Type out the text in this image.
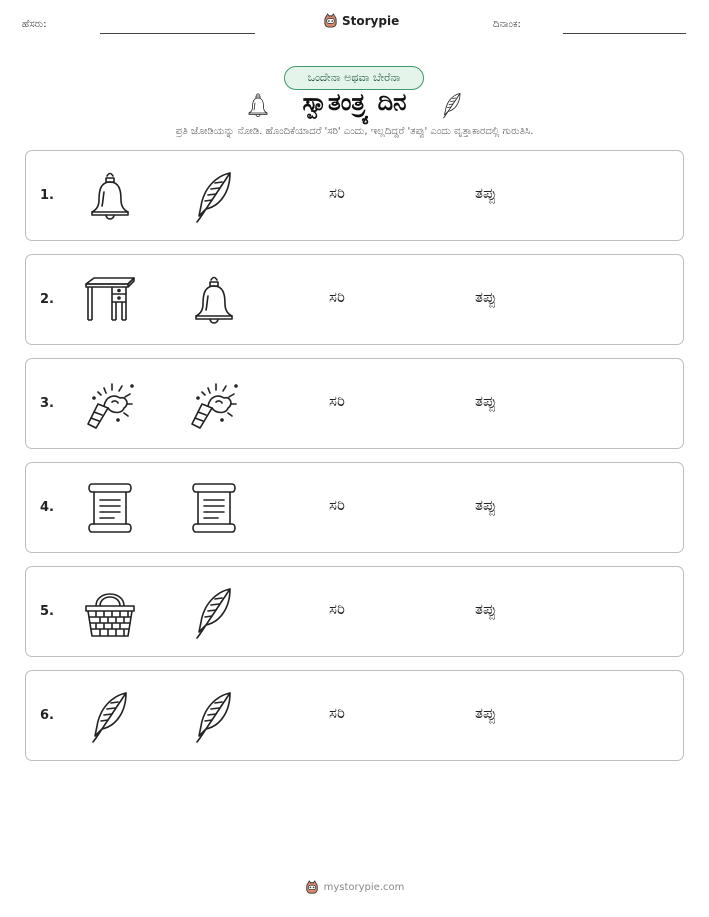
ಹೆಸರು:	Storypie	ದಿನಾಂಕ:
ಒಂದೇನಾ ಅಥವಾ ಬೇರೆನಾ
ಸ್ವಾತಂತ್ರ್ಯ ದಿನ
ಪ್ರತಿ ಜೋಡಿಯನ್ನು ನೋಡಿ. ಹೊಂದಿಕೆಯಾದರೆ 'ಸರಿ' ಎಂದು, ಇಲ್ಲದಿದ್ದರೆ 'ತಪ್ಪು' ಎಂದು ವೃತ್ತಾಕಾರದಲ್ಲಿ ಗುರುತಿಸಿ.
1.	ಸರಿ	ತಪ್ಪು
2.	ಸರಿ	ತಪ್ಪು
3.	ಸರಿ	ತಪ್ಪು
4.	ಸರಿ	ತಪ್ಪು
5.	ಸರಿ	ತಪ್ಪು
6.	ಸರಿ	ತಪ್ಪು
mystorypie.com
